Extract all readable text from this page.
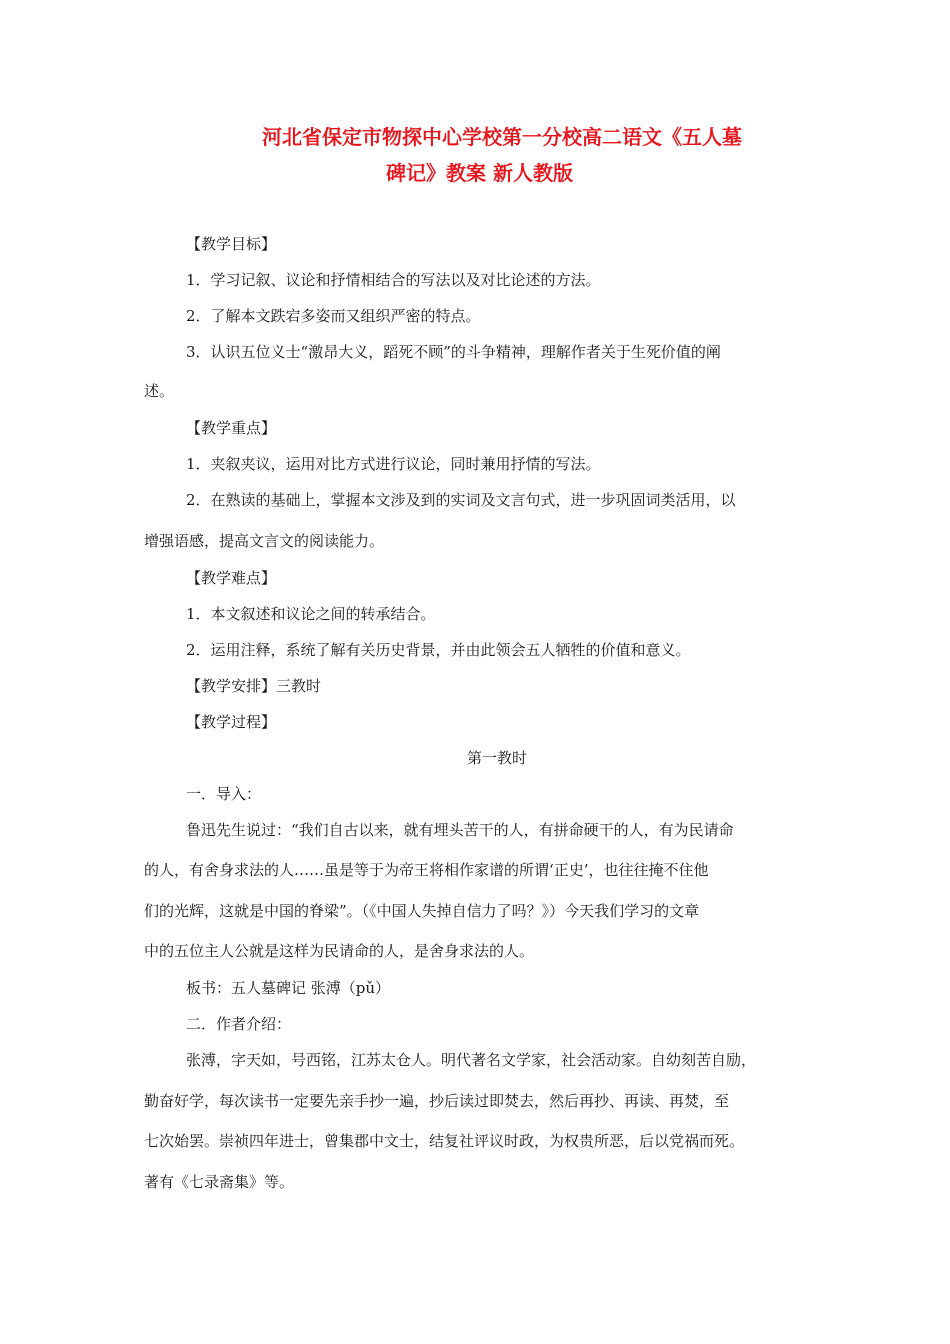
河北省保定市物探中心学校第一分校高二语文《五人墓
碑记》教案 新人教版
【教学目标】
1．学习记叙、议论和抒情相结合的写法以及对比论述的方法。
2．了解本文跌宕多姿而又组织严密的特点。
3．认识五位义士“激昂大义，蹈死不顾”的斗争精神，理解作者关于生死价值的阐
述。
【教学重点】
1．夹叙夹议，运用对比方式进行议论，同时兼用抒情的写法。
2．在熟读的基础上，掌握本文涉及到的实词及文言句式，进一步巩固词类活用，以
增强语感，提高文言文的阅读能力。
【教学难点】
1．本文叙述和议论之间的转承结合。
2．运用注释，系统了解有关历史背景，并由此领会五人牺牲的价值和意义。
【教学安排】三教时
【教学过程】
第一教时
一．导入：
鲁迅先生说过：“我们自古以来，就有埋头苦干的人，有拼命硬干的人，有为民请命
的人，有舍身求法的人……虽是等于为帝王将相作家谱的所谓‘正史’，也往往掩不住他
们的光辉，这就是中国的脊梁”。（《中国人失掉自信力了吗？》）今天我们学习的文章
中的五位主人公就是这样为民请命的人，是舍身求法的人。
板书：五人墓碑记 张溥（pǔ）
二．作者介绍：
张溥，字天如，号西铭，江苏太仓人。明代著名文学家，社会活动家。自幼刻苦自励，
勤奋好学，每次读书一定要先亲手抄一遍，抄后读过即焚去，然后再抄、再读、再焚，至
七次始罢。崇祯四年进士，曾集郡中文士，结复社评议时政，为权贵所恶，后以党祸而死。
著有《七录斋集》等。
